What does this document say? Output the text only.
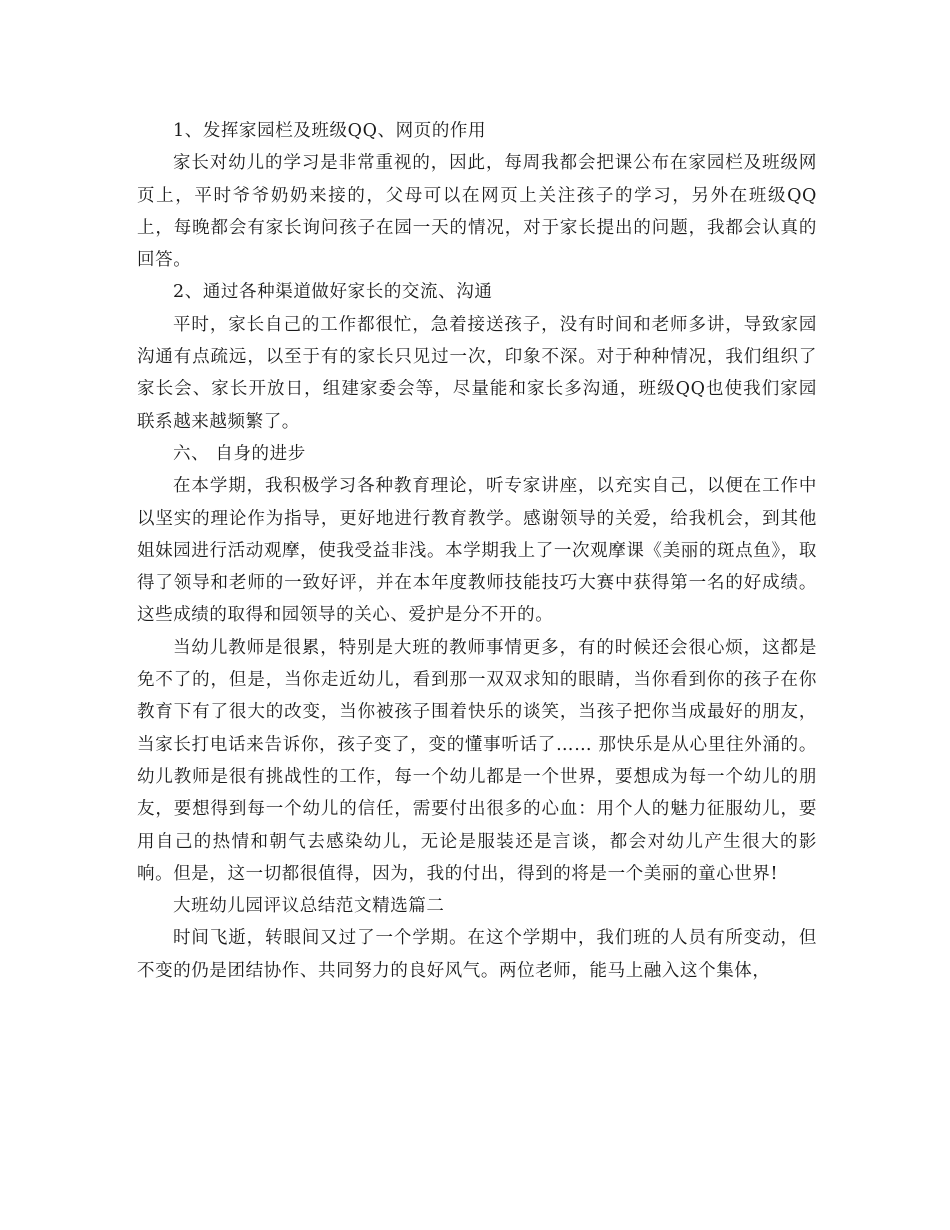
1、发挥家园栏及班级QQ、网页的作用

家长对幼儿的学习是非常重视的，因此，每周我都会把课公布在家园栏及班级网页上，平时爷爷奶奶来接的，父母可以在网页上关注孩子的学习，另外在班级QQ上，每晚都会有家长询问孩子在园一天的情况，对于家长提出的问题，我都会认真的回答。

2、通过各种渠道做好家长的交流、沟通

平时，家长自己的工作都很忙，急着接送孩子，没有时间和老师多讲，导致家园沟通有点疏远，以至于有的家长只见过一次，印象不深。对于种种情况，我们组织了家长会、家长开放日，组建家委会等，尽量能和家长多沟通，班级QQ也使我们家园联系越来越频繁了。

六、 自身的进步

在本学期，我积极学习各种教育理论，听专家讲座，以充实自己，以便在工作中以坚实的理论作为指导，更好地进行教育教学。感谢领导的关爱，给我机会，到其他姐妹园进行活动观摩，使我受益非浅。本学期我上了一次观摩课《美丽的斑点鱼》，取得了领导和老师的一致好评，并在本年度教师技能技巧大赛中获得第一名的好成绩。这些成绩的取得和园领导的关心、爱护是分不开的。

当幼儿教师是很累，特别是大班的教师事情更多，有的时候还会很心烦，这都是免不了的，但是，当你走近幼儿，看到那一双双求知的眼睛，当你看到你的孩子在你教育下有了很大的改变，当你被孩子围着快乐的谈笑，当孩子把你当成最好的朋友，当家长打电话来告诉你，孩子变了，变的懂事听话了…… 那快乐是从心里往外涌的。幼儿教师是很有挑战性的工作，每一个幼儿都是一个世界，要想成为每一个幼儿的朋友，要想得到每一个幼儿的信任，需要付出很多的心血：用个人的魅力征服幼儿，要用自己的热情和朝气去感染幼儿，无论是服装还是言谈，都会对幼儿产生很大的影响。但是，这一切都很值得，因为，我的付出，得到的将是一个美丽的童心世界!

大班幼儿园评议总结范文精选篇二

时间飞逝，转眼间又过了一个学期。在这个学期中，我们班的人员有所变动，但不变的仍是团结协作、共同努力的良好风气。两位老师，能马上融入这个集体，
